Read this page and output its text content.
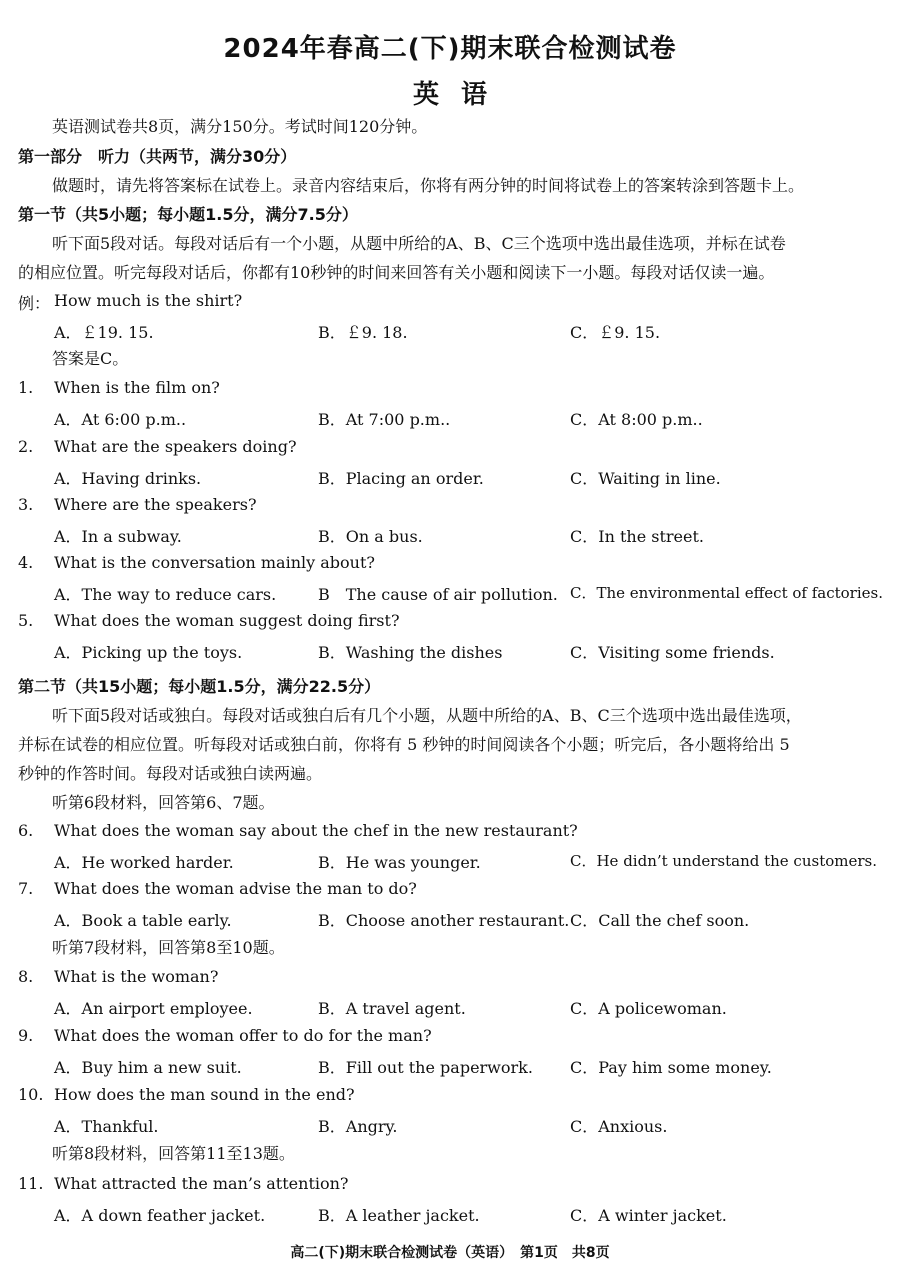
2024年春高二(下)期末联合检测试卷
英语
英语测试卷共8页，满分150分。考试时间120分钟。
第一部分　听力（共两节，满分30分）
做题时，请先将答案标在试卷上。录音内容结束后，你将有两分钟的时间将试卷上的答案转涂到答题卡上。
第一节（共5小题；每小题1.5分，满分7.5分）
听下面5段对话。每段对话后有一个小题，从题中所给的A、B、C三个选项中选出最佳选项，并标在试卷
的相应位置。听完每段对话后，你都有10秒钟的时间来回答有关小题和阅读下一小题。每段对话仅读一遍。
例： How much is the shirt?
A．￡19. 15.	B．￡9. 18.	C．￡9. 15.
答案是C。
1.	When is the film on?
A．At 6:00 p.m..	B．At 7:00 p.m..	C．At 8:00 p.m..
2.	What are the speakers doing?
A．Having drinks.	B．Placing an order.	C．Waiting in line.
3.	Where are the speakers?
A．In a subway.	B．On a bus.	C．In the street.
4.	What is the conversation mainly about?
A．The way to reduce cars.	B　The cause of air pollution. C．The environmental effect of factories.
5.	What does the woman suggest doing first?
A．Picking up the toys.	B．Washing the dishes	C．Visiting some friends.
第二节（共15小题；每小题1.5分，满分22.5分）
听下面5段对话或独白。每段对话或独白后有几个小题，从题中所给的A、B、C三个选项中选出最佳选项，
并标在试卷的相应位置。听每段对话或独白前，你将有 5 秒钟的时间阅读各个小题；听完后，各小题将给出 5
秒钟的作答时间。每段对话或独白读两遍。
听第6段材料，回答第6、7题。
6.	What does the woman say about the chef in the new restaurant?
A．He worked harder.	B．He was younger.	C．He didn’t understand the customers.
7.	What does the woman advise the man to do?
A．Book a table early.	B．Choose another restaurant. C．Call the chef soon.
听第7段材料，回答第8至10题。
8.	What is the woman?
A．An airport employee.	B．A travel agent.	C．A policewoman.
9.	What does the woman offer to do for the man?
A．Buy him a new suit.	B．Fill out the paperwork. C．Pay him some money.
10. How does the man sound in the end?
A．Thankful.	B．Angry.	C．Anxious.
听第8段材料，回答第11至13题。
11. What attracted the man’s attention?
A．A down feather jacket.	B．A leather jacket.	C．A winter jacket.
高二(下)期末联合检测试卷（英语）　第1页　共8页
